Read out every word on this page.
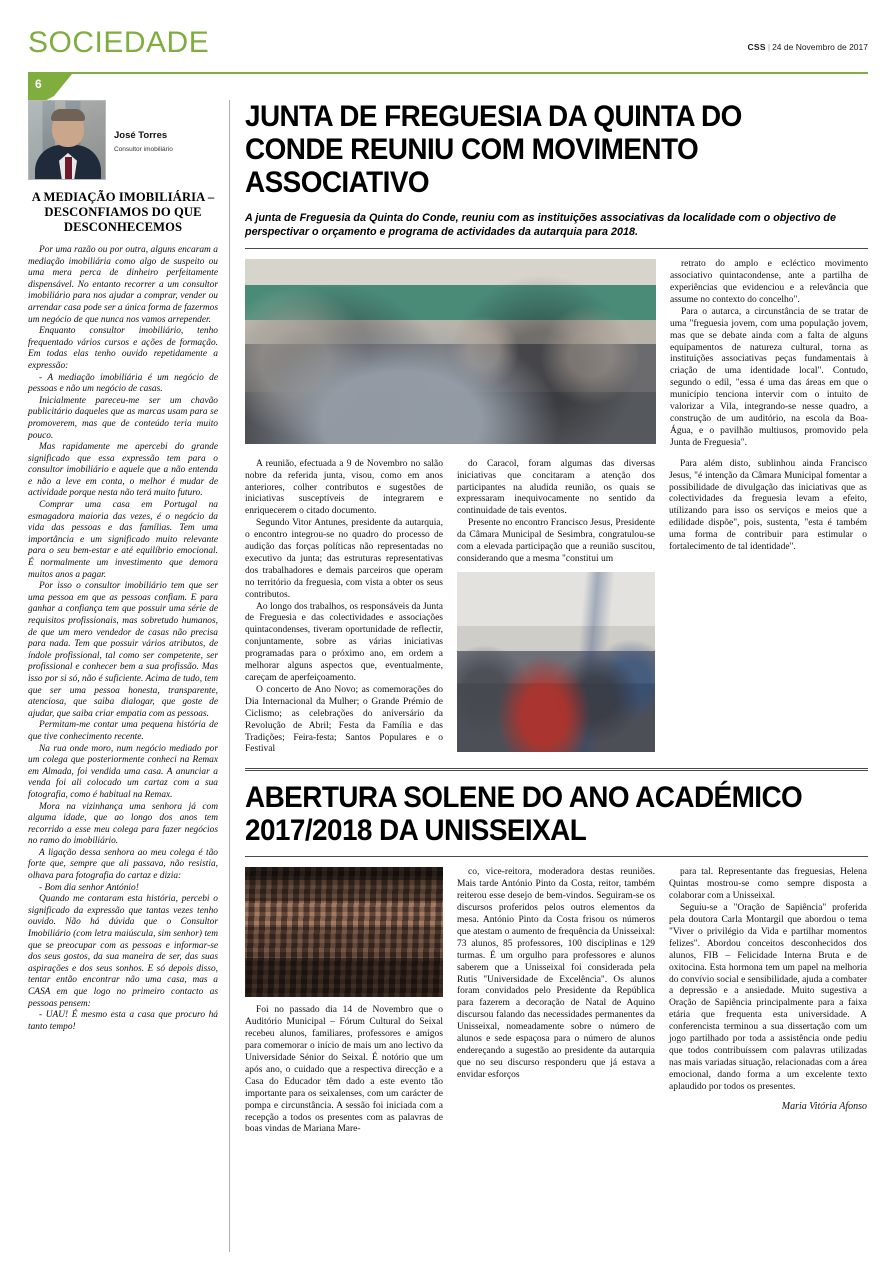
SOCIEDADE	CSS | 24 de Novembro de 2017
6
José Torres
Consultor imobiliário
A MEDIAÇÃO IMOBILIÁRIA – DESCONFIAMOS DO QUE DESCONHECEMOS

Por uma razão ou por outra, alguns encaram a mediação imobiliária como algo de suspeito ou uma mera perca de dinheiro perfeitamente dispensável. No entanto recorrer a um consultor imobiliário para nos ajudar a comprar, vender ou arrendar casa pode ser a única forma de fazermos um negócio de que nunca nos vamos arrepender.

Enquanto consultor imobiliário, tenho frequentado vários cursos e ações de formação. Em todas elas tenho ouvido repetidamente a expressão:

- A mediação imobiliária é um negócio de pessoas e não um negócio de casas.

Inicialmente pareceu-me ser um chavão publicitário daqueles que as marcas usam para se promoverem, mas que de conteúdo teria muito pouco.

Mas rapidamente me apercebi do grande significado que essa expressão tem para o consultor imobiliário e aquele que a não entenda e não a leve em conta, o melhor é mudar de actividade porque nesta não terá muito futuro.

Comprar uma casa em Portugal na esmagadora maioria das vezes, é o negócio da vida das pessoas e das famílias. Tem uma importância e um significado muito relevante para o seu bem-estar e até equilíbrio emocional. É normalmente um investimento que demora muitos anos a pagar.

Por isso o consultor imobiliário tem que ser uma pessoa em que as pessoas confiam. E para ganhar a confiança tem que possuir uma série de requisitos profissionais, mas sobretudo humanos, de que um mero vendedor de casas não precisa para nada. Tem que possuir vários atributos, de índole profissional, tal como ser competente, ser profissional e conhecer bem a sua profissão. Mas isso por si só, não é suficiente. Acima de tudo, tem que ser uma pessoa honesta, transparente, atenciosa, que saiba dialogar, que goste de ajudar, que saiba criar empatia com as pessoas.

Permitam-me contar uma pequena história de que tive conhecimento recente.

Na rua onde moro, num negócio mediado por um colega que posteriormente conheci na Remax em Almada, foi vendida uma casa. A anunciar a venda foi ali colocado um cartaz com a sua fotografia, como é habitual na Remax.

Mora na vizinhança uma senhora já com alguma idade, que ao longo dos anos tem recorrido a esse meu colega para fazer negócios no ramo do imobiliário.

A ligação dessa senhora ao meu colega é tão forte que, sempre que ali passava, não resistia, olhava para fotografia do cartaz e dizia:

- Bom dia senhor António!

Quando me contaram esta história, percebi o significado da expressão que tantas vezes tenho ouvido. Não há dúvida que o Consultor Imobiliário (com letra maiúscula, sim senhor) tem que se preocupar com as pessoas e informar-se dos seus gostos, da sua maneira de ser, das suas aspirações e dos seus sonhos. E só depois disso, tentar então encontrar não uma casa, mas a CASA em que logo no primeiro contacto as pessoas pensem:

- UAU! É mesmo esta a casa que procuro há tanto tempo!

JUNTA DE FREGUESIA DA QUINTA DO CONDE REUNIU COM MOVIMENTO ASSOCIATIVO
A junta de Freguesia da Quinta do Conde, reuniu com as instituições associativas da localidade com o objectivo de perspectivar o orçamento e programa de actividades da autarquia para 2018.

retrato do amplo e ecléctico movimento associativo quintacondense, ante a partilha de experiências que evidenciou e a relevância que assume no contexto do concelho".

Para o autarca, a circunstância de se tratar de uma "freguesia jovem, com uma população jovem, mas que se debate ainda com a falta de alguns equipamentos de natureza cultural, torna as instituições associativas peças fundamentais à criação de uma identidade local". Contudo, segundo o edil, "essa é uma das áreas em que o município tenciona intervir com o intuito de valorizar a Vila, integrando-se nesse quadro, a construção de um auditório, na escola da Boa-Água, e o pavilhão multiusos, promovido pela Junta de Freguesia".

A reunião, efectuada a 9 de Novembro no salão nobre da referida junta, visou, como em anos anteriores, colher contributos e sugestões de iniciativas susceptíveis de integrarem e enriquecerem o citado documento.

Segundo Vitor Antunes, presidente da autarquia, o encontro integrou-se no quadro do processo de audição das forças políticas não representadas no executivo da junta; das estruturas representativas dos trabalhadores e demais parceiros que operam no território da freguesia, com vista a obter os seus contributos.

Ao longo dos trabalhos, os responsáveis da Junta de Freguesia e das colectividades e associações quintacondenses, tiveram oportunidade de reflectir, conjuntamente, sobre as várias iniciativas programadas para o próximo ano, em ordem a melhorar alguns aspectos que, eventualmente, careçam de aperfeiçoamento.

O concerto de Ano Novo; as comemorações do Dia Internacional da Mulher; o Grande Prémio de Ciclismo; as celebrações do aniversário da Revolução de Abril; Festa da Família e das Tradições; Feira-festa; Santos Populares e o Festival

do Caracol, foram algumas das diversas iniciativas que concitaram a atenção dos participantes na aludida reunião, os quais se expressaram inequivocamente no sentido da continuidade de tais eventos.

Presente no encontro Francisco Jesus, Presidente da Câmara Municipal de Sesimbra, congratulou-se com a elevada participação que a reunião suscitou, considerando que a mesma "constitui um

Para além disto, sublinhou ainda Francisco Jesus, "é intenção da Câmara Municipal fomentar a possibilidade de divulgação das iniciativas que as colectividades da freguesia levam a efeito, utilizando para isso os serviços e meios que a edilidade dispõe", pois, sustenta, "esta é também uma forma de contribuir para estimular o fortalecimento de tal identidade".

ABERTURA SOLENE DO ANO ACADÉMICO 2017/2018 DA UNISSEIXAL

Foi no passado dia 14 de Novembro que o Auditório Municipal – Fórum Cultural do Seixal recebeu alunos, familiares, professores e amigos para comemorar o início de mais um ano lectivo da Universidade Sénior do Seixal. É notório que um após ano, o cuidado que a respectiva direcção e a Casa do Educador têm dado a este evento tão importante para os seixalenses, com um carácter de pompa e circunstância. A sessão foi iniciada com a recepção a todos os presentes com as palavras de boas vindas de Mariana Mare-

co, vice-reitora, moderadora destas reuniões. Mais tarde António Pinto da Costa, reitor, também reiterou esse desejo de bem-vindos. Seguiram-se os discursos proferidos pelos outros elementos da mesa. António Pinto da Costa frisou os números que atestam o aumento de frequência da Unisseixal: 73 alunos, 85 professores, 100 disciplinas e 129 turmas. É um orgulho para professores e alunos saberem que a Unisseixal foi considerada pela Rutis "Universidade de Excelência". Os alunos foram convidados pelo Presidente da República para fazerem a decoração de Natal de Aquino discursou falando das necessidades permanentes da Unisseixal, nomeadamente sobre o número de alunos e sede espaçosa para o número de alunos endereçando a sugestão ao presidente da autarquia que no seu discurso responderu que já estava a envidar esforços

para tal. Representante das freguesias, Helena Quintas mostrou-se como sempre disposta a colaborar com a Unisseixal.

Seguiu-se a "Oração de Sapiência" proferida pela doutora Carla Montargil que abordou o tema "Viver o privilégio da Vida e partilhar momentos felizes". Abordou conceitos desconhecidos dos alunos, FIB – Felicidade Interna Bruta e de oxitocina. Esta hormona tem um papel na melhoria do convívio social e sensibilidade, ajuda a combater a depressão e a ansiedade. Muito sugestiva a Oração de Sapiência principalmente para a faixa etária que frequenta esta universidade. A conferencista terminou a sua dissertação com um jogo partilhado por toda a assistência onde pediu que todos contribuíssem com palavras utilizadas nas mais variadas situação, relacionadas com a área emocional, dando forma a um excelente texto aplaudido por todos os presentes.

Maria Vitória Afonso
